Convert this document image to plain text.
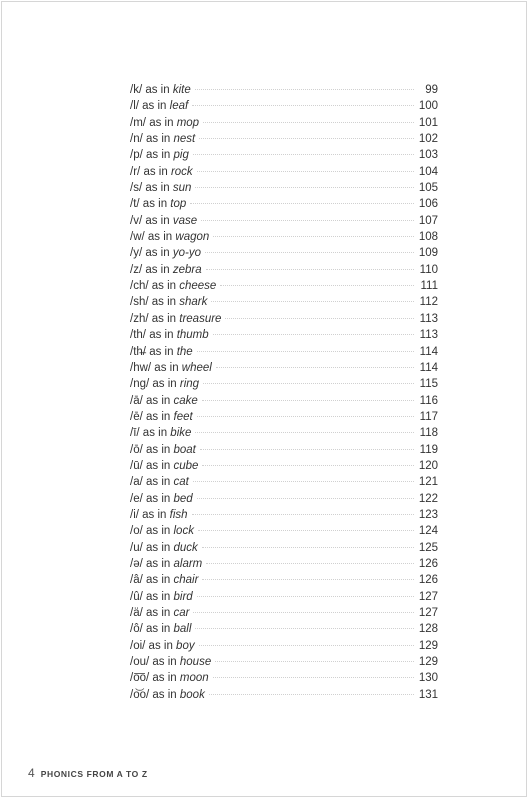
/k/ as in kite	99
/l/ as in leaf	100
/m/ as in mop	101
/n/ as in nest	102
/p/ as in pig	103
/r/ as in rock	104
/s/ as in sun	105
/t/ as in top	106
/v/ as in vase	107
/w/ as in wagon	108
/y/ as in yo-yo	109
/z/ as in zebra	110
/ch/ as in cheese	111
/sh/ as in shark	112
/zh/ as in treasure	113
/th/ as in thumb	113
/th̶/ as in the	114
/hw/ as in wheel	114
/ng/ as in ring	115
/ā/ as in cake	116
/ē/ as in feet	117
/ī/ as in bike	118
/ō/ as in boat	119
/ū/ as in cube	120
/a/ as in cat	121
/e/ as in bed	122
/i/ as in fish	123
/o/ as in lock	124
/u/ as in duck	125
/ə/ as in alarm	126
/â/ as in chair	126
/û/ as in bird	127
/ä/ as in car	127
/ô/ as in ball	128
/oi/ as in boy	129
/ou/ as in house	129
/o͞o/ as in moon	130
/o͝o/ as in book	131
4 PHONICS FROM A TO Z
